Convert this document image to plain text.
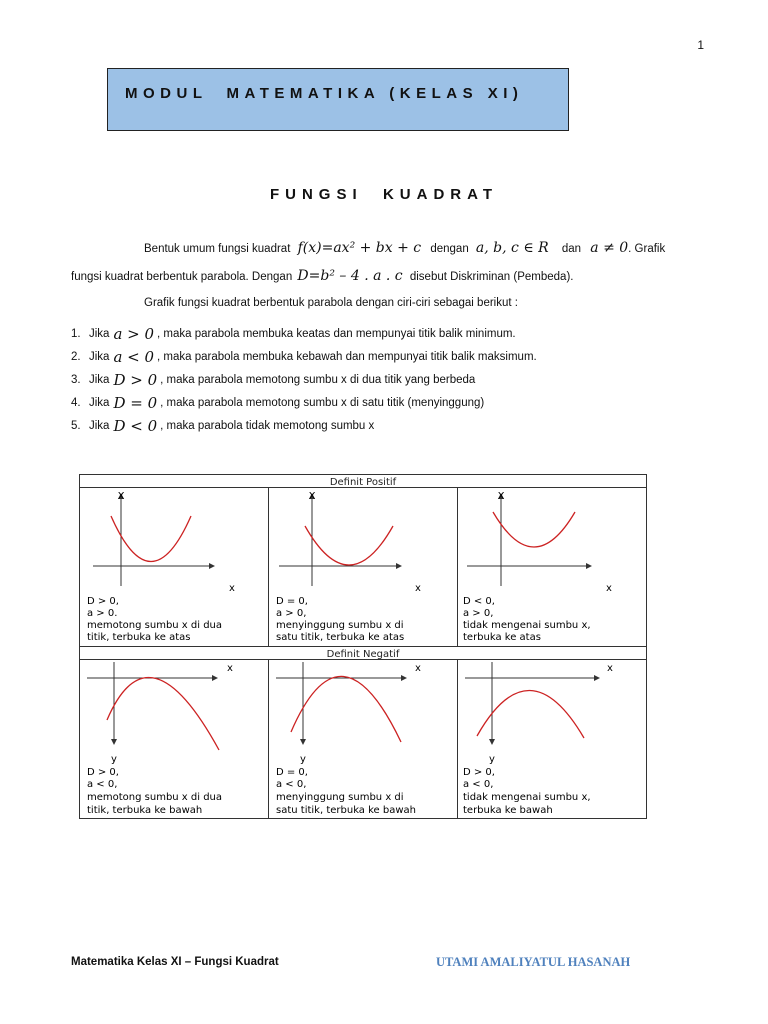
1
MODUL  MATEMATIKA (KELAS XI)
FUNGSI  KUADRAT
Bentuk umum fungsi kuadrat f(x)=ax² + bx + c dengan a, b, c ∈ R dan a ≠ 0. Grafik
fungsi kuadrat berbentuk parabola. Dengan D=b² – 4 . a . c disebut Diskriminan (Pembeda).
Grafik fungsi kuadrat berbentuk parabola dengan ciri-ciri sebagai berikut :
1. Jika a > 0 , maka parabola membuka keatas dan mempunyai titik balik minimum.
2. Jika a < 0 , maka parabola membuka kebawah dan mempunyai titik balik maksimum.
3. Jika D > 0 , maka parabola memotong sumbu x di dua titik yang berbeda
4. Jika D = 0 , maka parabola memotong sumbu x di satu titik (menyinggung)
5. Jika D < 0 , maka parabola tidak memotong sumbu x
Definit Positif
Definit Negatif
X
x
D > 0,
a > 0.
memotong sumbu x di dua
titik, terbuka ke atas
X
x
D = 0,
a > 0,
menyinggung sumbu x di
satu titik, terbuka ke atas
X
x
D < 0,
a > 0,
tidak mengenai sumbu x,
terbuka ke atas
x
y
D > 0,
a < 0,
memotong sumbu x di dua
titik, terbuka ke bawah
x
y
D = 0,
a < 0,
menyinggung sumbu x di
satu titik, terbuka ke bawah
x
y
D > 0,
a < 0,
tidak mengenai sumbu x,
terbuka ke bawah
Matematika Kelas XI – Fungsi Kuadrat	UTAMI AMALIYATUL HASANAH
